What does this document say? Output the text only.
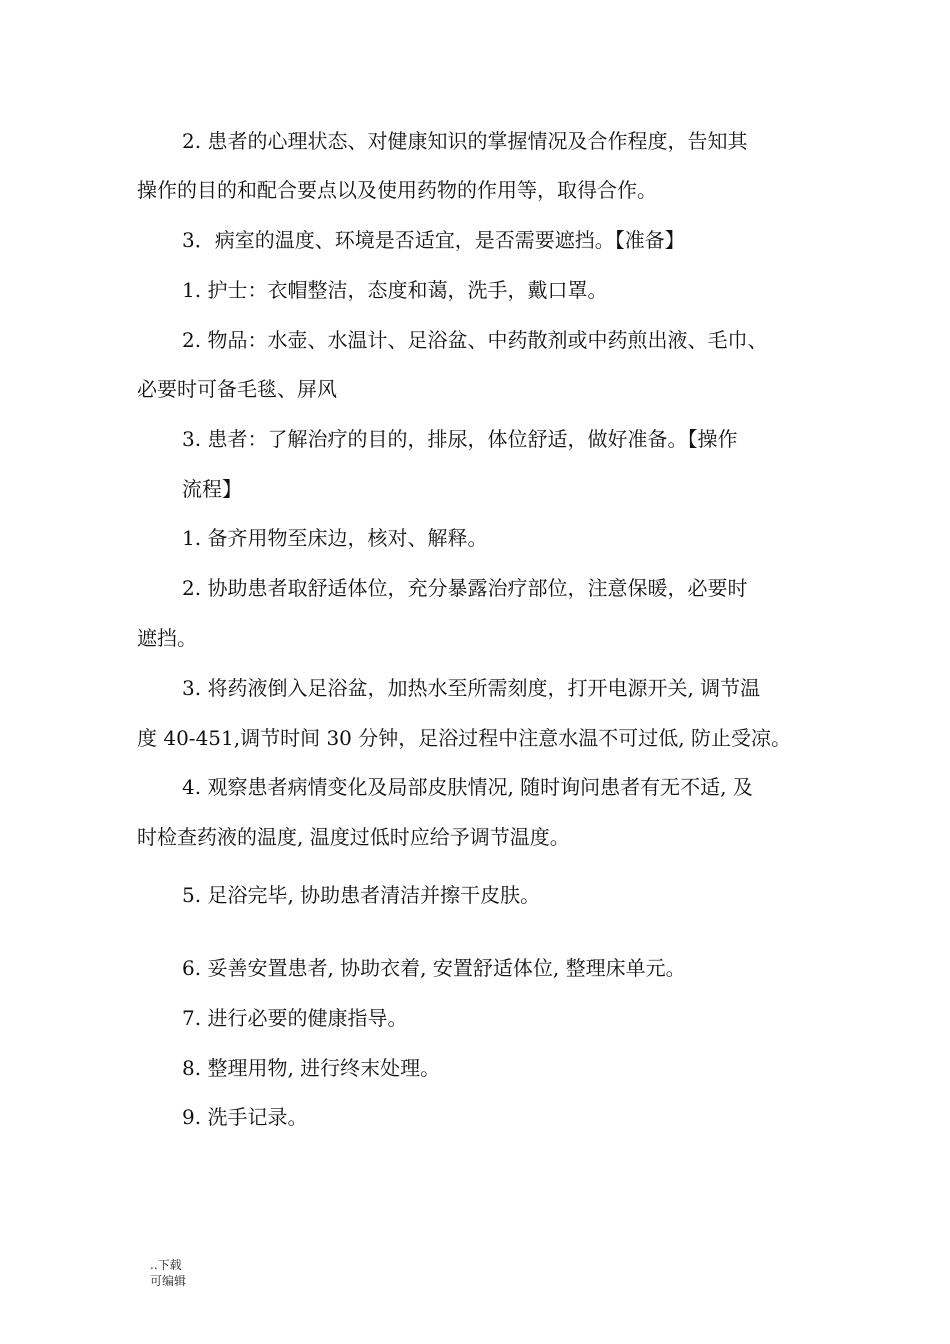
2. 患者的心理状态、对健康知识的掌握情况及合作程度，告知其
操作的目的和配合要点以及使用药物的作用等，取得合作。
3．病室的温度、环境是否适宜，是否需要遮挡。【准备】
1. 护士：衣帽整洁，态度和蔼，洗手，戴口罩。
2. 物品：水壶、水温计、足浴盆、中药散剂或中药煎出液、毛巾、
必要时可备毛毯、屏风
3. 患者：了解治疗的目的，排尿，体位舒适，做好准备。【操作
流程】
1. 备齐用物至床边，核对、解释。
2. 协助患者取舒适体位，充分暴露治疗部位，注意保暖，必要时
遮挡。
3. 将药液倒入足浴盆，加热水至所需刻度，打开电源开关, 调节温
度 40-451,调节时间 30 分钟，足浴过程中注意水温不可过低, 防止受凉。
4. 观察患者病情变化及局部皮肤情况, 随时询问患者有无不适, 及
时检查药液的温度, 温度过低时应给予调节温度。
5. 足浴完毕, 协助患者清洁并擦干皮肤。
6. 妥善安置患者, 协助衣着, 安置舒适体位, 整理床单元。
7. 进行必要的健康指导。
8. 整理用物, 进行终末处理。
9. 洗手记录。
..下载
可编辑
